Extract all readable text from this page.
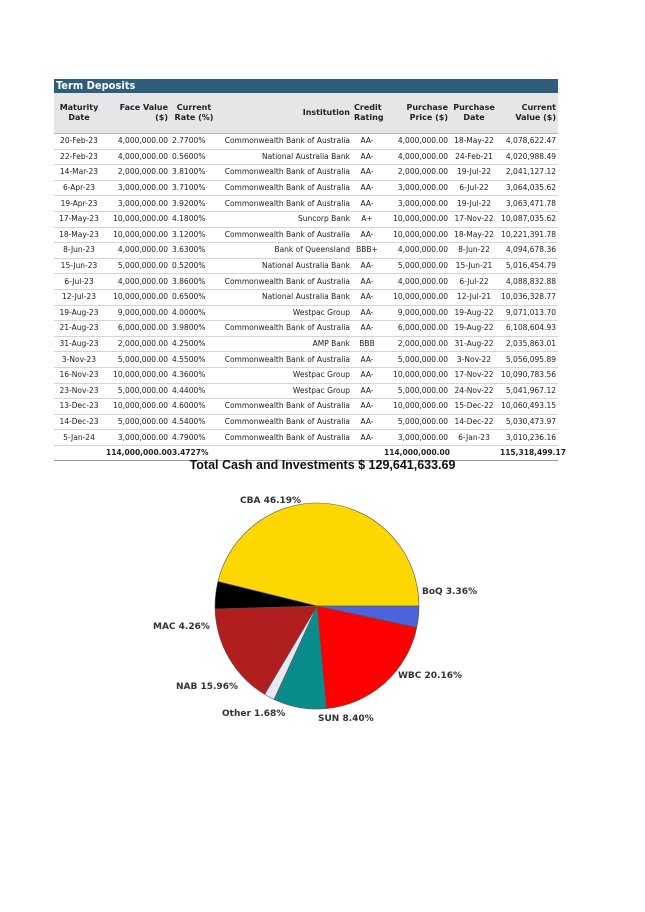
Term Deposits
Maturity Date	Face Value ($)	Current Rate (%)	Institution	Credit Rating	Purchase Price ($)	Purchase Date	Current Value ($)
20-Feb-23	4,000,000.00	2.7700%	Commonwealth Bank of Australia	AA-	4,000,000.00	18-May-22	4,078,622.47
22-Feb-23	4,000,000.00	0.5600%	National Australia Bank	AA-	4,000,000.00	24-Feb-21	4,020,988.49
14-Mar-23	2,000,000.00	3.8100%	Commonwealth Bank of Australia	AA-	2,000,000.00	19-Jul-22	2,041,127.12
6-Apr-23	3,000,000.00	3.7100%	Commonwealth Bank of Australia	AA-	3,000,000.00	6-Jul-22	3,064,035.62
19-Apr-23	3,000,000.00	3.9200%	Commonwealth Bank of Australia	AA-	3,000,000.00	19-Jul-22	3,063,471.78
17-May-23	10,000,000.00	4.1800%	Suncorp Bank	A+	10,000,000.00	17-Nov-22	10,087,035.62
18-May-23	10,000,000.00	3.1200%	Commonwealth Bank of Australia	AA-	10,000,000.00	18-May-22	10,221,391.78
8-Jun-23	4,000,000.00	3.6300%	Bank of Queensland	BBB+	4,000,000.00	8-Jun-22	4,094,678.36
15-Jun-23	5,000,000.00	0.5200%	National Australia Bank	AA-	5,000,000.00	15-Jun-21	5,016,454.79
6-Jul-23	4,000,000.00	3.8600%	Commonwealth Bank of Australia	AA-	4,000,000.00	6-Jul-22	4,088,832.88
12-Jul-23	10,000,000.00	0.6500%	National Australia Bank	AA-	10,000,000.00	12-Jul-21	10,036,328.77
19-Aug-23	9,000,000.00	4.0000%	Westpac Group	AA-	9,000,000.00	19-Aug-22	9,071,013.70
21-Aug-23	6,000,000.00	3.9800%	Commonwealth Bank of Australia	AA-	6,000,000.00	19-Aug-22	6,108,604.93
31-Aug-23	2,000,000.00	4.2500%	AMP Bank	BBB	2,000,000.00	31-Aug-22	2,035,863.01
3-Nov-23	5,000,000.00	4.5500%	Commonwealth Bank of Australia	AA-	5,000,000.00	3-Nov-22	5,056,095.89
16-Nov-23	10,000,000.00	4.3600%	Westpac Group	AA-	10,000,000.00	17-Nov-22	10,090,783.56
23-Nov-23	5,000,000.00	4.4400%	Westpac Group	AA-	5,000,000.00	24-Nov-22	5,041,967.12
13-Dec-23	10,000,000.00	4.6000%	Commonwealth Bank of Australia	AA-	10,000,000.00	15-Dec-22	10,060,493.15
14-Dec-23	5,000,000.00	4.5400%	Commonwealth Bank of Australia	AA-	5,000,000.00	14-Dec-22	5,030,473.97
5-Jan-24	3,000,000.00	4.7900%	Commonwealth Bank of Australia	AA-	3,000,000.00	6-Jan-23	3,010,236.16
	114,000,000.00	3.4727%			114,000,000.00		115,318,499.17
Total Cash and Investments $ 129,641,633.69
CBA 46.19%
BoQ 3.36%
WBC 20.16%
SUN 8.40%
Other 1.68%
NAB 15.96%
MAC 4.26%
